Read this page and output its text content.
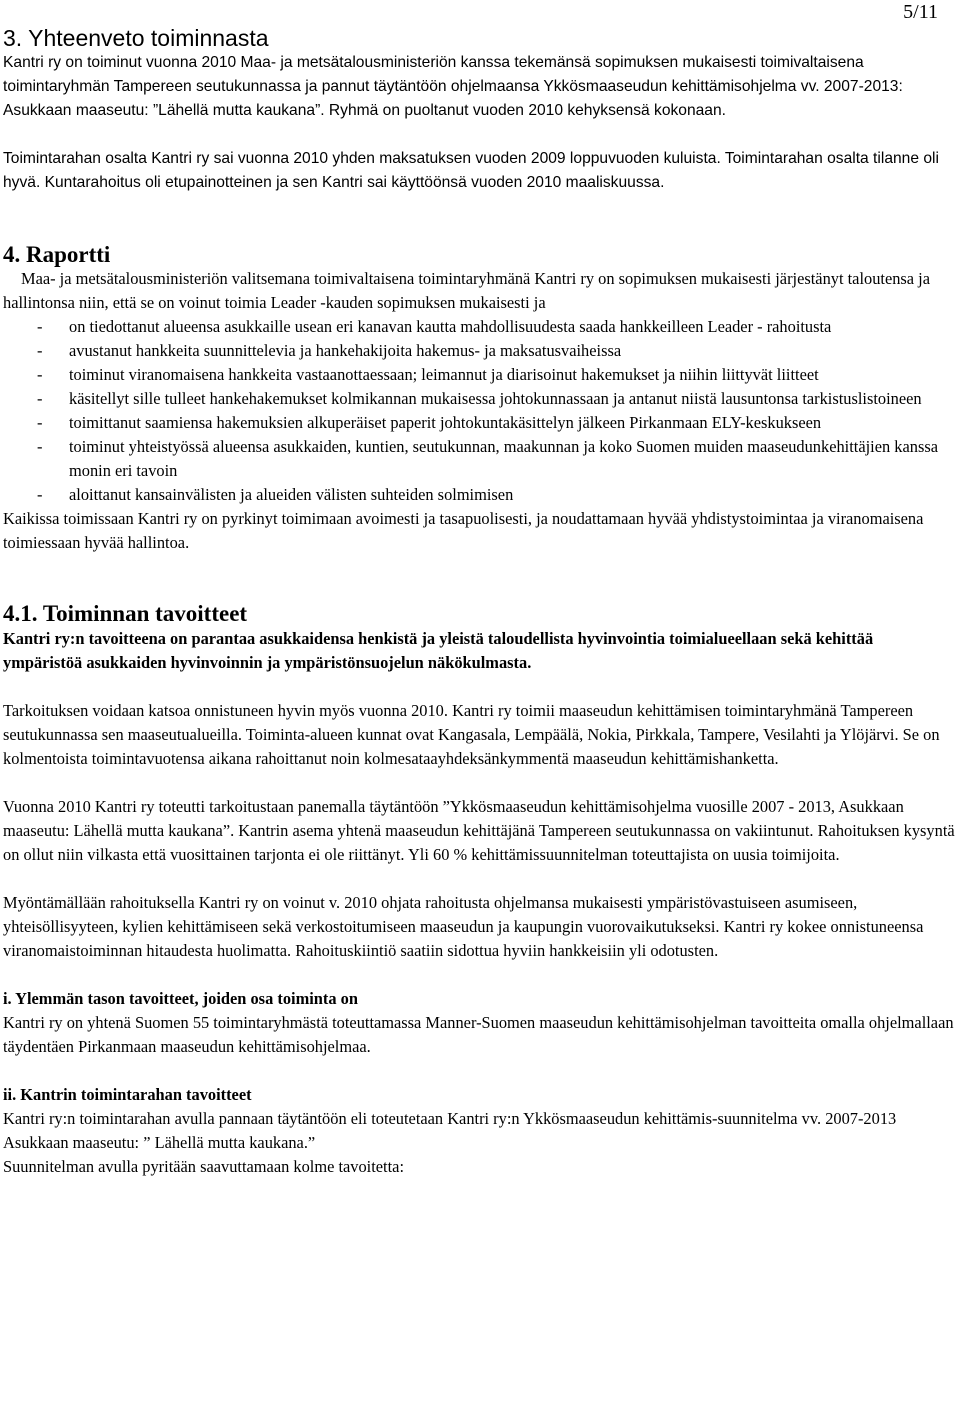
5/11

3. Yhteenveto toiminnasta

Kantri ry on toiminut vuonna 2010 Maa- ja metsätalousministeriön kanssa tekemänsä sopimuksen mukaisesti toimivaltaisena toimintaryhmän Tampereen seutukunnassa ja pannut täytäntöön ohjelmaansa Ykkösmaaseudun kehittämisohjelma vv. 2007-2013: Asukkaan maaseutu: ”Lähellä mutta kaukana”. Ryhmä on puoltanut vuoden 2010 kehyksensä kokonaan.

Toimintarahan osalta Kantri ry sai vuonna 2010 yhden maksatuksen vuoden 2009 loppuvuoden kuluista. Toimintarahan osalta tilanne oli hyvä. Kuntarahoitus oli etupainotteinen ja sen Kantri sai käyttöönsä vuoden 2010 maaliskuussa.

4. Raportti

Maa- ja metsätalousministeriön valitsemana toimivaltaisena toimintaryhmänä Kantri ry on sopimuksen mukaisesti järjestänyt taloutensa ja hallintonsa niin, että se on voinut toimia Leader -kauden sopimuksen mukaisesti ja

- on tiedottanut alueensa asukkaille usean eri kanavan kautta mahdollisuudesta saada hankkeilleen Leader - rahoitusta
- avustanut hankkeita suunnittelevia ja hankehakijoita hakemus- ja maksatusvaiheissa
- toiminut viranomaisena hankkeita vastaanottaessaan; leimannut ja diarisoinut hakemukset ja niihin liittyvät liitteet
- käsitellyt sille tulleet hankehakemukset kolmikannan mukaisessa johtokunnassaan ja antanut niistä lausuntonsa tarkistuslistoineen
- toimittanut saamiensa hakemuksien alkuperäiset paperit johtokuntakäsittelyn jälkeen Pirkanmaan ELY-keskukseen
- toiminut yhteistyössä alueensa asukkaiden, kuntien, seutukunnan, maakunnan ja koko Suomen muiden maaseudunkehittäjien kanssa monin eri tavoin
- aloittanut kansainvälisten ja alueiden välisten suhteiden solmimisen

Kaikissa toimissaan Kantri ry on pyrkinyt toimimaan avoimesti ja tasapuolisesti, ja noudattamaan hyvää yhdistystoimintaa ja viranomaisena toimiessaan hyvää hallintoa.

4.1. Toiminnan tavoitteet

Kantri ry:n tavoitteena on parantaa asukkaidensa henkistä ja yleistä taloudellista hyvinvointia toimialueellaan sekä kehittää ympäristöä asukkaiden hyvinvoinnin ja ympäristönsuojelun näkökulmasta.

Tarkoituksen voidaan katsoa onnistuneen hyvin myös vuonna 2010. Kantri ry toimii maaseudun kehittämisen toimintaryhmänä Tampereen seutukunnassa sen maaseutualueilla. Toiminta-alueen kunnat ovat Kangasala, Lempäälä, Nokia, Pirkkala, Tampere, Vesilahti ja Ylöjärvi. Se on kolmentoista toimintavuotensa aikana rahoittanut noin kolmesataayhdeksänkymmentä maaseudun kehittämishanketta.

Vuonna 2010 Kantri ry toteutti tarkoitustaan panemalla täytäntöön ”Ykkösmaaseudun kehittämisohjelma vuosille 2007 - 2013, Asukkaan maaseutu: Lähellä mutta kaukana”. Kantrin asema yhtenä maaseudun kehittäjänä Tampereen seutukunnassa on vakiintunut. Rahoituksen kysyntä on ollut niin vilkasta että vuosittainen tarjonta ei ole riittänyt. Yli 60 % kehittämissuunnitelman toteuttajista on uusia toimijoita.

Myöntämällään rahoituksella Kantri ry on voinut v. 2010 ohjata rahoitusta ohjelmansa mukaisesti ympäristövastuiseen asumiseen, yhteisöllisyyteen, kylien kehittämiseen sekä verkostoitumiseen maaseudun ja kaupungin vuorovaikutukseksi. Kantri ry kokee onnistuneensa viranomaistoiminnan hitaudesta huolimatta. Rahoituskiintiö saatiin sidottua hyviin hankkeisiin yli odotusten.

i. Ylemmän tason tavoitteet, joiden osa toiminta on

Kantri ry on yhtenä Suomen 55 toimintaryhmästä toteuttamassa Manner-Suomen maaseudun kehittämisohjelman tavoitteita omalla ohjelmallaan täydentäen Pirkanmaan maaseudun kehittämisohjelmaa.

ii. Kantrin toimintarahan tavoitteet

Kantri ry:n toimintarahan avulla pannaan täytäntöön eli toteutetaan Kantri ry:n Ykkösmaaseudun kehittämis-suunnitelma vv. 2007-2013 Asukkaan maaseutu: ” Lähellä mutta kaukana.”

Suunnitelman avulla pyritään saavuttamaan kolme tavoitetta:
